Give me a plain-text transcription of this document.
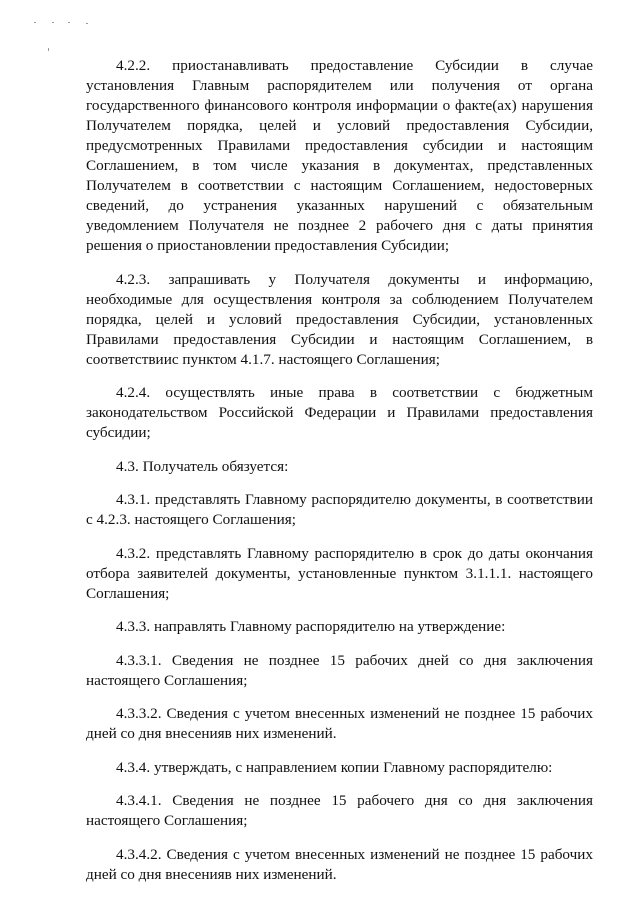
4.2.2. приостанавливать предоставление Субсидии в случае установления Главным распорядителем или получения от органа государственного финансового контроля информации о факте(ах) нарушения Получателем порядка, целей и условий предоставления Субсидии, предусмотренных Правилами предоставления субсидии и настоящим Соглашением, в том числе указания в документах, представленных Получателем в соответствии с настоящим Соглашением, недостоверных сведений, до устранения указанных нарушений с обязательным уведомлением Получателя не позднее 2 рабочего дня с даты принятия решения о приостановлении предоставления Субсидии;

4.2.3. запрашивать у Получателя документы и информацию, необходимые для осуществления контроля за соблюдением Получателем порядка, целей и условий предоставления Субсидии, установленных Правилами предоставления Субсидии и настоящим Соглашением, в соответствиис пунктом 4.1.7. настоящего Соглашения;

4.2.4. осуществлять иные права в соответствии с бюджетным законодательством Российской Федерации и Правилами предоставления субсидии;

4.3. Получатель обязуется:

4.3.1. представлять Главному распорядителю документы, в соответствии с 4.2.3. настоящего Соглашения;

4.3.2. представлять Главному распорядителю в срок до даты окончания отбора заявителей документы, установленные пунктом 3.1.1.1. настоящего Соглашения;

4.3.3. направлять Главному распорядителю на утверждение:

4.3.3.1. Сведения не позднее 15 рабочих дней со дня заключения настоящего Соглашения;

4.3.3.2. Сведения с учетом внесенных изменений не позднее 15 рабочих дней со дня внесенияв них изменений.

4.3.4. утверждать, с направлением копии Главному распорядителю:

4.3.4.1. Сведения не позднее 15 рабочего дня со дня заключения настоящего Соглашения;

4.3.4.2. Сведения с учетом внесенных изменений не позднее 15 рабочих дней со дня внесенияв них изменений.
